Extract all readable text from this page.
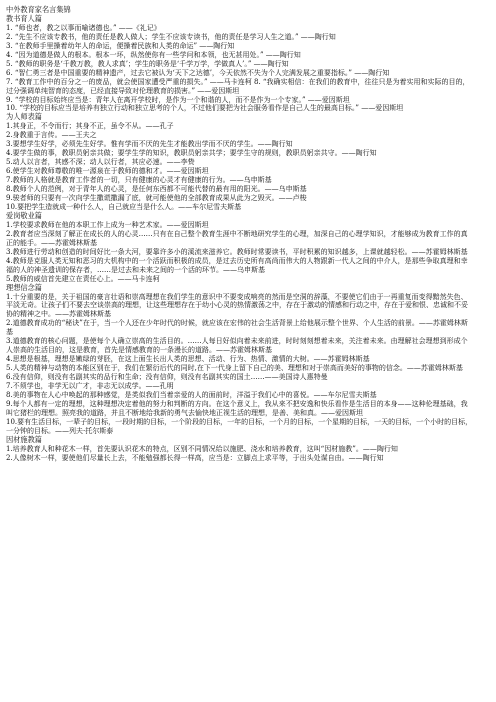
中外教育家名言集锦

教书育人篇

1. “师也者，教之以事而喻诸德也。” ——《礼记》

2. “先生不应该专教书，他的责任是教人做人；学生不应该专读书，他的责任是学习人生之道。” ——陶行知

3. “在教师手里操着幼年人的命运，便操着民族和人类的命运” ——陶行知

4. “因为道德是做人的根本。根本一坏，纵然使你有一些学问和本领，也无甚用处。” ——陶行知

5. “教师的职务是‘千教万教，教人求真’；学生的职务是‘千学万学，学做真人’。” ——陶行知

6. “智仁勇三者是中国重要的精神遗产，过去它被认为‘天下之达德’，今天依然不失为个人完满发展之重要指标。” ——陶行知

7. “教育工作中的百分之一的废品，就会使国家遭受严重的损失。” ——马卡连柯 8. “我确实相信：在我们的教育中，往往只是为着实用和实际的目的，过分强调单纯智育的态度，已经直接导致对伦理教育的损害。” ——爱因斯坦

9. “学校的目标始终应当是：青年人在离开学校时，是作为一个和谐的人，而不是作为一个专家。” ——爱因斯坦

10. “学校的目标应当是培养有独立行动和独立思考的个人，不过他们要把为社会服务看作是自己人生的最高目标。” ——爱因斯坦

为人师表篇

1.其身正，不令而行；其身不正，虽令不从。——孔子

2.身教重于言传。——王夫之

3.要想学生好学，必须先生好学。惟有学而不厌的先生才能教出学而不厌的学生。——陶行知

4.要学生做的事，教职员躬亲共做；要学生学的知识，教职员躬亲共学；要学生守的规则，教职员躬亲共守。——陶行知

5.动人以言者，其感不深；动人以行者，其应必速。——李贽

6.使学生对教师尊敬的唯一源泉在于教师的德和才。——爱因斯坦

7.教师的人格就是教育工作者的一切，只有健康的心灵才有健康的行为。——乌申斯基

8.教师个人的范例，对于青年人的心灵，是任何东西都不可能代替的最有用的阳光。——乌申斯基

9.骏者师的只要有一次向学生撒谎撒漏了底，就可能使他的全部教育成果从此为之毁灭。——卢梭

10.要把学生造就成一种什么人，自己就应当是什么人。——车尔尼雪夫斯基

爱岗敬业篇

1.学校要求教师在他的本职工作上成为一种艺术家。——爱因斯坦

2.教育者应当深刻了解正在成长的人的心灵……只有在自己整个教育生涯中不断地研究学生的心理，加深自己的心理学知识，才能够成为教育工作的真正的能手。——苏霍姆林斯基

3.教师进行劳动和创造的时间好比一条大河，要靠许多小的溪流来滋养它。教师时常要读书，平时积累的知识越多，上课就越轻松。——苏霍姆林斯基

4.教师是克服人类无知和恶习的大机构中的一个活跃而积极的成员，是过去历史所有高尚而伟大的人物跟新一代人之间的中介人，是那些争取真理和幸福的人的神圣遗训的保存者，……是过去和未来之间的一个活的环节。——乌申斯基

5.教师的威信首先建立在责任心上。——马卡连柯

理想信念篇

1.十分重要的是，关于祖国的豪言壮语和崇高理想在我们学生的意识中不要变成响亮的然而是空洞的辞藻，不要使它们由于一再重复而变得黯然失色、平淡无奇。让孩子们不要去空谈崇高的理想，让这些理想存在于幼小心灵的热情激荡之中，存在于激动的情感和行动之中，存在于爱和恨、忠诚和不妥协的精神之中。——苏霍姆林斯基

2.道德教育成功的“秘诀”在于，当一个人还在少年时代的时候，就应该在宏伟的社会生活背景上给他展示整个世界、个人生活的前景。——苏霍姆林斯基

3.道德教育的核心问题，是使每个人确立崇高的生活目的。……人每日好似向着未来前进，时时刻刻想着未来，关注着未来。由理解社会理想到形成个人崇高的生活目的，这是教育，首先是情感教育的一条漫长的道路。——苏霍姆林斯基

4.思想是根基，理想是嫩绿的芽胚，在这上面生长出人类的思想、活动、行为、热情、激情的大树。——苏霍姆林斯基

5.人类的精神与动物的本能区别在于，我们在繁衍后代的同时,在下一代身上留下自己的美、理想和对于崇高而美好的事物的信念。——苏霍姆林斯基

6.没有信仰，则没有名副其实的品行和生命；没有信仰，则没有名副其实的国土……——美国诗人惠特曼

7.不须学也，非学无以广才，非志无以成学。——孔明

8.美的事物在人心中唤起的那种感觉，是类似我们当着亲爱的人的面前时，洋溢于我们心中的喜悦。——车尔尼雪夫斯基

9.每个人都有一定的理想，这种理想决定着他的努力和判断的方向。在这个意义上，我从来不把安逸和快乐看作是生活目的本身——这种伦理基础，我叫它猪栏的理想。照亮我的道路，并且不断地给我新的勇气去愉快地正视生活的理想，是善、美和真。——爱因斯坦

10.要有生活目标，一辈子的目标，一段时期的目标，一个阶段的目标，一年的目标，一个月的目标，一个星期的目标，一天的目标，一个小时的目标，一分钟的目标。——列夫·托尔斯泰

因材施教篇

1.培养教育人和种花木一样，首先要认识花木的特点，区别不同情况给以施肥、浇水和培养教育，这叫“因材施教”。——陶行知

2.人像树木一样，要使他们尽量长上去，不能勉强都长得一样高，应当是：立脚点上求平等，于出头处谋自由。——陶行知
